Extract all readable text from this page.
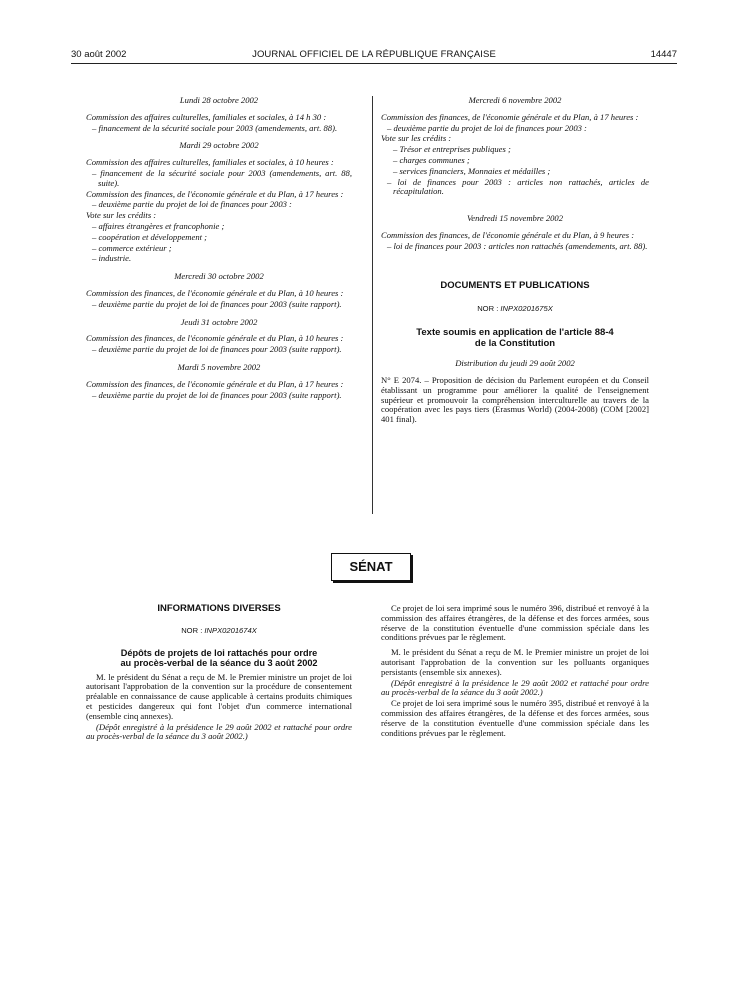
30 août 2002	JOURNAL OFFICIEL DE LA RÉPUBLIQUE FRANÇAISE	14447

Lundi 28 octobre 2002

Commission des affaires culturelles, familiales et sociales, à 14 h 30 :

– financement de la sécurité sociale pour 2003 (amendements, art. 88).

Mardi 29 octobre 2002

Commission des affaires culturelles, familiales et sociales, à 10 heures :

– financement de la sécurité sociale pour 2003 (amendements, art. 88, suite).

Commission des finances, de l'économie générale et du Plan, à 17 heures :

– deuxième partie du projet de loi de finances pour 2003 :

Vote sur les crédits :

– affaires étrangères et francophonie ;

– coopération et développement ;

– commerce extérieur ;

– industrie.

Mercredi 30 octobre 2002

Commission des finances, de l'économie générale et du Plan, à 10 heures :

– deuxième partie du projet de loi de finances pour 2003 (suite rapport).

Jeudi 31 octobre 2002

Commission des finances, de l'économie générale et du Plan, à 10 heures :

– deuxième partie du projet de loi de finances pour 2003 (suite rapport).

Mardi 5 novembre 2002

Commission des finances, de l'économie générale et du Plan, à 17 heures :

– deuxième partie du projet de loi de finances pour 2003 (suite rapport).

Mercredi 6 novembre 2002

Commission des finances, de l'économie générale et du Plan, à 17 heures :

– deuxième partie du projet de loi de finances pour 2003 :

Vote sur les crédits :

– Trésor et entreprises publiques ;

– charges communes ;

– services financiers, Monnaies et médailles ;

– loi de finances pour 2003 : articles non rattachés, articles de récapitulation.

Vendredi 15 novembre 2002

Commission des finances, de l'économie générale et du Plan, à 9 heures :

– loi de finances pour 2003 : articles non rattachés (amendements, art. 88).

DOCUMENTS ET PUBLICATIONS
NOR : INPX0201675X
Texte soumis en application de l'article 88-4
de la Constitution

Distribution du jeudi 29 août 2002

N° E 2074. – Proposition de décision du Parlement européen et du Conseil établissant un programme pour améliorer la qualité de l'enseignement supérieur et promouvoir la compréhension interculturelle au travers de la coopération avec les pays tiers (Erasmus World) (2004-2008) (COM [2002] 401 final).

SÉNAT
INFORMATIONS DIVERSES
NOR : INPX0201674X
Dépôts de projets de loi rattachés pour ordre
au procès-verbal de la séance du 3 août 2002

M. le président du Sénat a reçu de M. le Premier ministre un projet de loi autorisant l'approbation de la convention sur la procédure de consentement préalable en connaissance de cause applicable à certains produits chimiques et pesticides dangereux qui font l'objet d'un commerce international (ensemble cinq annexes).

(Dépôt enregistré à la présidence le 29 août 2002 et rattaché pour ordre au procès-verbal de la séance du 3 août 2002.)

Ce projet de loi sera imprimé sous le numéro 396, distribué et renvoyé à la commission des affaires étrangères, de la défense et des forces armées, sous réserve de la constitution éventuelle d'une commission spéciale dans les conditions prévues par le règlement.

M. le président du Sénat a reçu de M. le Premier ministre un projet de loi autorisant l'approbation de la convention sur les polluants organiques persistants (ensemble six annexes).

(Dépôt enregistré à la présidence le 29 août 2002 et rattaché pour ordre au procès-verbal de la séance du 3 août 2002.)

Ce projet de loi sera imprimé sous le numéro 395, distribué et renvoyé à la commission des affaires étrangères, de la défense et des forces armées, sous réserve de la constitution éventuelle d'une commission spéciale dans les conditions prévues par le règlement.
